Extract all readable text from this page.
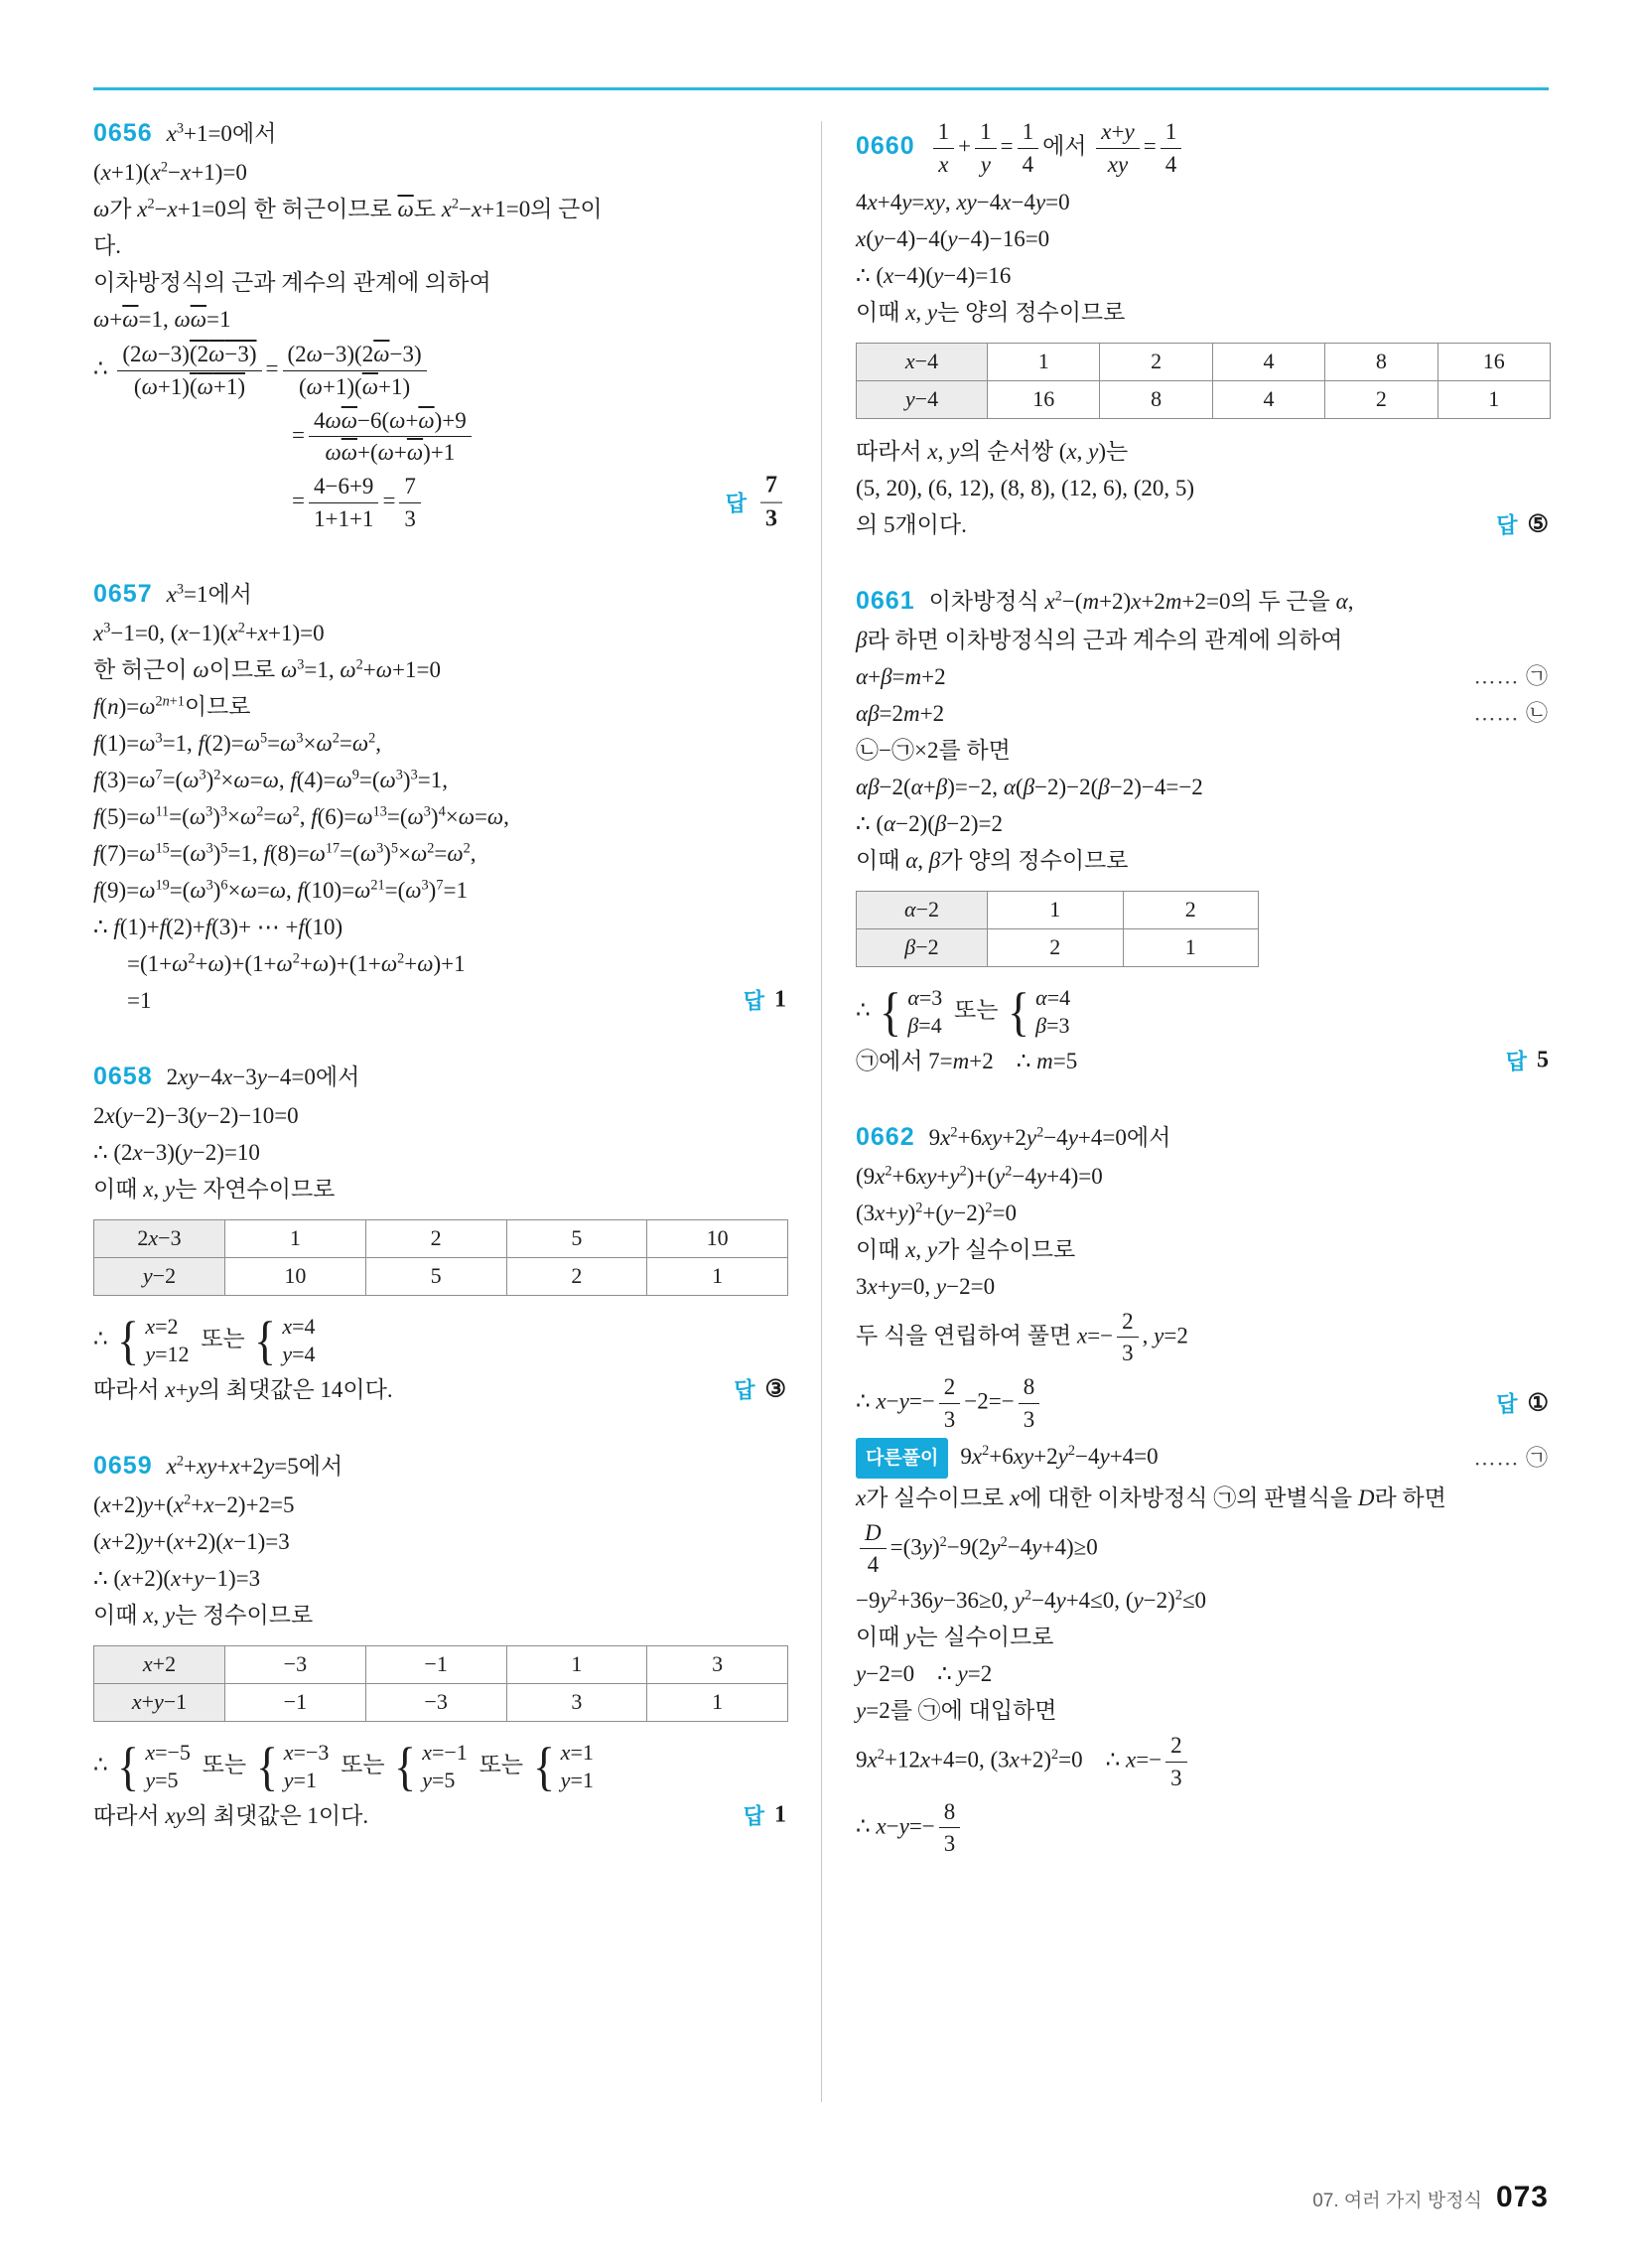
0656 $x^3+1=0$에서
$(x+1)(x^2-x+1)=0$
ω가 $x^2-x+1=0$의 한 허근이므로 $\overline{\omega}$도 $x^2-x+1=0$의 근이
다.
이차방정식의 근과 계수의 관계에 의하여
$\omega+\overline{\omega}=1$, $\omega\overline{\omega}=1$
∴ $\frac{(2\omega-3)(2\omega-3)}{(\omega+1)(\omega+1)} = \frac{(2\omega-3)(2\overline{\omega}-3)}{(\omega+1)(\overline{\omega}+1)}$
= $\frac{4\omega\overline{\omega}-6(\omega+\overline{\omega})+9}{\omega\overline{\omega}+(\omega+\overline{\omega})+1}$
= $\frac{4-6+9}{1+1+1} = \frac{7}{3}$	답 $\frac{7}{3}$
0657 $x^3=1$에서
$x^3-1=0$, $(x-1)(x^2+x+1)=0$
한 허근이 ω이므로 $\omega^3=1$, $\omega^2+\omega+1=0$
$f(n)=\omega^{2n+1}$이므로
$f(1)=\omega^3=1$, $f(2)=\omega^5=\omega^3\times\omega^2=\omega^2$,
$f(3)=\omega^7=(\omega^3)^2\times\omega=\omega$, $f(4)=\omega^9=(\omega^3)^3=1$,
$f(5)=\omega^{11}=(\omega^3)^3\times\omega^2=\omega^2$, $f(6)=\omega^{13}=(\omega^3)^4\times\omega=\omega$,
$f(7)=\omega^{15}=(\omega^3)^5=1$, $f(8)=\omega^{17}=(\omega^3)^5\times\omega^2=\omega^2$,
$f(9)=\omega^{19}=(\omega^3)^6\times\omega=\omega$, $f(10)=\omega^{21}=(\omega^3)^7=1$
∴ f(1)+f(2)+f(3)+ ⋯ +f(10)
$=(1+\omega^2+\omega)+(1+\omega^2+\omega)+(1+\omega^2+\omega)+1$
=1	답 1
0658 2xy−4x−3y−4=0에서
2x(y−2)−3(y−2)−10=0
∴ (2x−3)(y−2)=10
이때 x, y는 자연수이므로
2x−3	1	2	5	10
y−2	10	5	2	1
∴ { x=2
y=12
또는 { x=4
y=4
따라서 x+y의 최댓값은 14이다.	답 ③
0659 $x^2+xy+x+2y=5$에서
$(x+2)y+(x^2+x-2)+2=5$
(x+2)y+(x+2)(x−1)=3
∴ (x+2)(x+y−1)=3
이때 x, y는 정수이므로
x+2	−3	−1	1	3
x+y−1	−1	−3	3	1
∴ { x=−5
y=5
또는 { x=−3
y=1
또는 { x=−1
y=5
또는 { x=1
y=1
따라서 xy의 최댓값은 1이다.	답 1
$0660 \frac{1}{x} + \frac{1}{y} = \frac{1}{4}$ 에서 $\frac{x+y}{xy} = \frac{1}{4}$
4x+4y=xy, xy−4x−4y=0
x(y−4)−4(y−4)−16=0
∴ (x−4)(y−4)=16
이때 x, y는 양의 정수이므로
x−4	1	2	4	8	16
y−4	16	8	4	2	1
따라서 x, y의 순서쌍 (x, y)는
(5, 20), (6, 12), (8, 8), (12, 6), (20, 5)
의 5개이다.	답 ⑤
0661 이차방정식 $x^2-(m+2)x+2m+2=0$의 두 근을 α,
β라 하면 이차방정식의 근과 계수의 관계에 의하여
α+β=m+2	…… ㉠
αβ=2m+2	…… ㉡
㉡−㉠×2를 하면
αβ−2(α+β)=−2, α(β−2)−2(β−2)−4=−2
∴ (α−2)(β−2)=2
이때 α, β가 양의 정수이므로
α−2	1	2
β−2	2	1
∴ { α=3
β=4
또는 { α=4
β=3
㉠에서 7=m+2    ∴ m=5	답 5
0662 $9x^2+6xy+2y^2-4y+4=0$에서
$(9x^2+6xy+y^2)+(y^2-4y+4)=0$
$(3x+y)^2+(y-2)^2=0$
이때 x, y가 실수이므로
3x+y=0, y−2=0
두 식을 연립하여 풀면 $x=- \frac{2}{3}$ , y=2
∴ $x-y=- \frac{2}{3} -2=- \frac{8}{3}$	답 ①
다른풀이 $9x^2+6xy+2y^2-4y+4=0$	…… ㉠
x가 실수이므로 x에 대한 이차방정식 ㉠의 판별식을 D라 하면
$\frac{D}{4} =(3y)^2-9(2y^2-4y+4)\ge 0$
$-9y^2+36y-36\ge 0$, $y^2-4y+4\le 0$, $(y-2)^2\le 0$
이때 y는 실수이므로
y−2=0    ∴ y=2
y=2를 ㉠에 대입하면
$9x^2+12x+4=0$, $(3x+2)^2=0$    ∴ $x=- \frac{2}{3}$
∴ $x-y=- \frac{8}{3}$
07. 여러 가지 방정식 073
